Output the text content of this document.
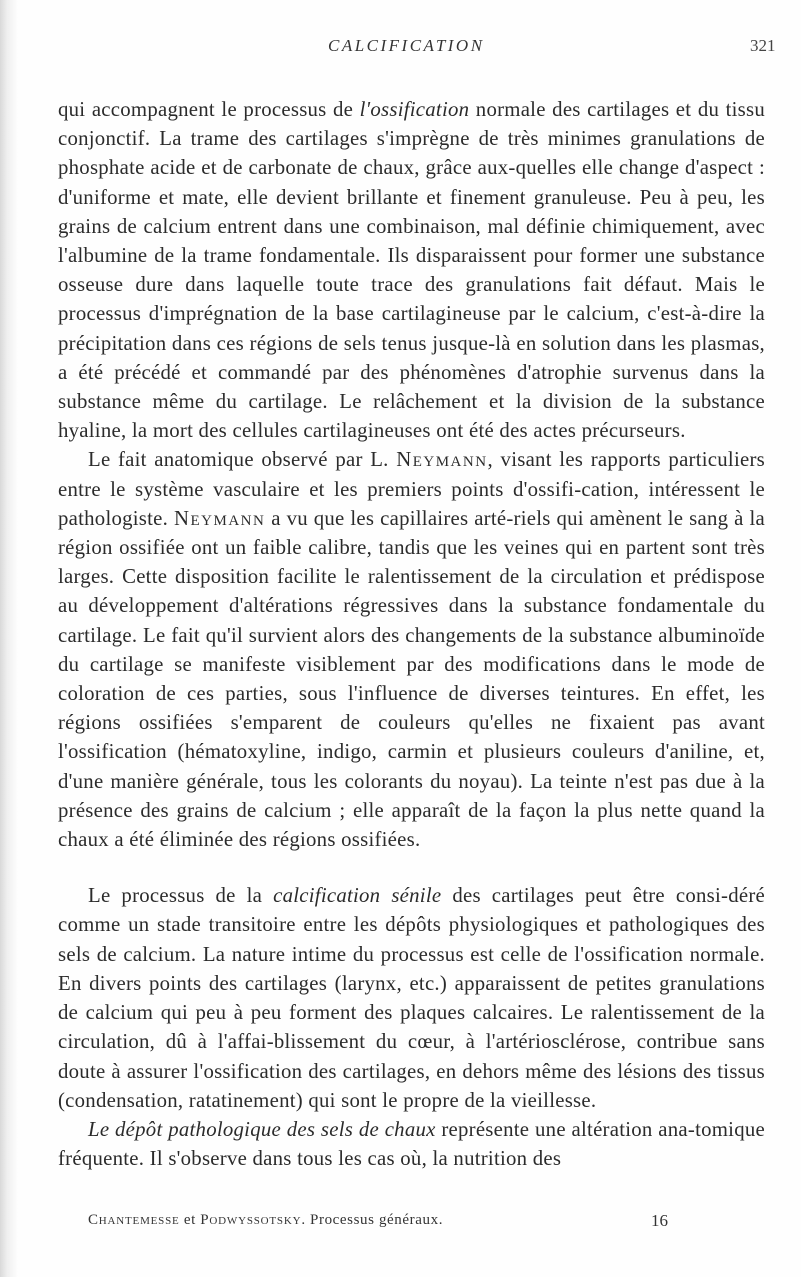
CALCIFICATION	321

qui accompagnent le processus de l'ossification normale des cartilages et du tissu conjonctif. La trame des cartilages s'imprègne de très minimes granulations de phosphate acide et de carbonate de chaux, grâce aux-quelles elle change d'aspect : d'uniforme et mate, elle devient brillante et finement granuleuse. Peu à peu, les grains de calcium entrent dans une combinaison, mal définie chimiquement, avec l'albumine de la trame fondamentale. Ils disparaissent pour former une substance osseuse dure dans laquelle toute trace des granulations fait défaut. Mais le processus d'imprégnation de la base cartilagineuse par le calcium, c'est-à-dire la précipitation dans ces régions de sels tenus jusque-là en solution dans les plasmas, a été précédé et commandé par des phénomènes d'atrophie survenus dans la substance même du cartilage. Le relâchement et la division de la substance hyaline, la mort des cellules cartilagineuses ont été des actes précurseurs.

Le fait anatomique observé par L. Neymann, visant les rapports particuliers entre le système vasculaire et les premiers points d'ossifi-cation, intéressent le pathologiste. Neymann a vu que les capillaires arté-riels qui amènent le sang à la région ossifiée ont un faible calibre, tandis que les veines qui en partent sont très larges. Cette disposition facilite le ralentissement de la circulation et prédispose au développement d'altérations régressives dans la substance fondamentale du cartilage. Le fait qu'il survient alors des changements de la substance albuminoïde du cartilage se manifeste visiblement par des modifications dans le mode de coloration de ces parties, sous l'influence de diverses teintures. En effet, les régions ossifiées s'emparent de couleurs qu'elles ne fixaient pas avant l'ossification (hématoxyline, indigo, carmin et plusieurs couleurs d'aniline, et, d'une manière générale, tous les colorants du noyau). La teinte n'est pas due à la présence des grains de calcium ; elle apparaît de la façon la plus nette quand la chaux a été éliminée des régions ossifiées.

Le processus de la calcification sénile des cartilages peut être consi-déré comme un stade transitoire entre les dépôts physiologiques et pathologiques des sels de calcium. La nature intime du processus est celle de l'ossification normale. En divers points des cartilages (larynx, etc.) apparaissent de petites granulations de calcium qui peu à peu forment des plaques calcaires. Le ralentissement de la circulation, dû à l'affai-blissement du cœur, à l'artériosclérose, contribue sans doute à assurer l'ossification des cartilages, en dehors même des lésions des tissus (condensation, ratatinement) qui sont le propre de la vieillesse.

Le dépôt pathologique des sels de chaux représente une altération ana-tomique fréquente. Il s'observe dans tous les cas où, la nutrition des

Chantemesse et Podwyssotsky. Processus généraux.	16
